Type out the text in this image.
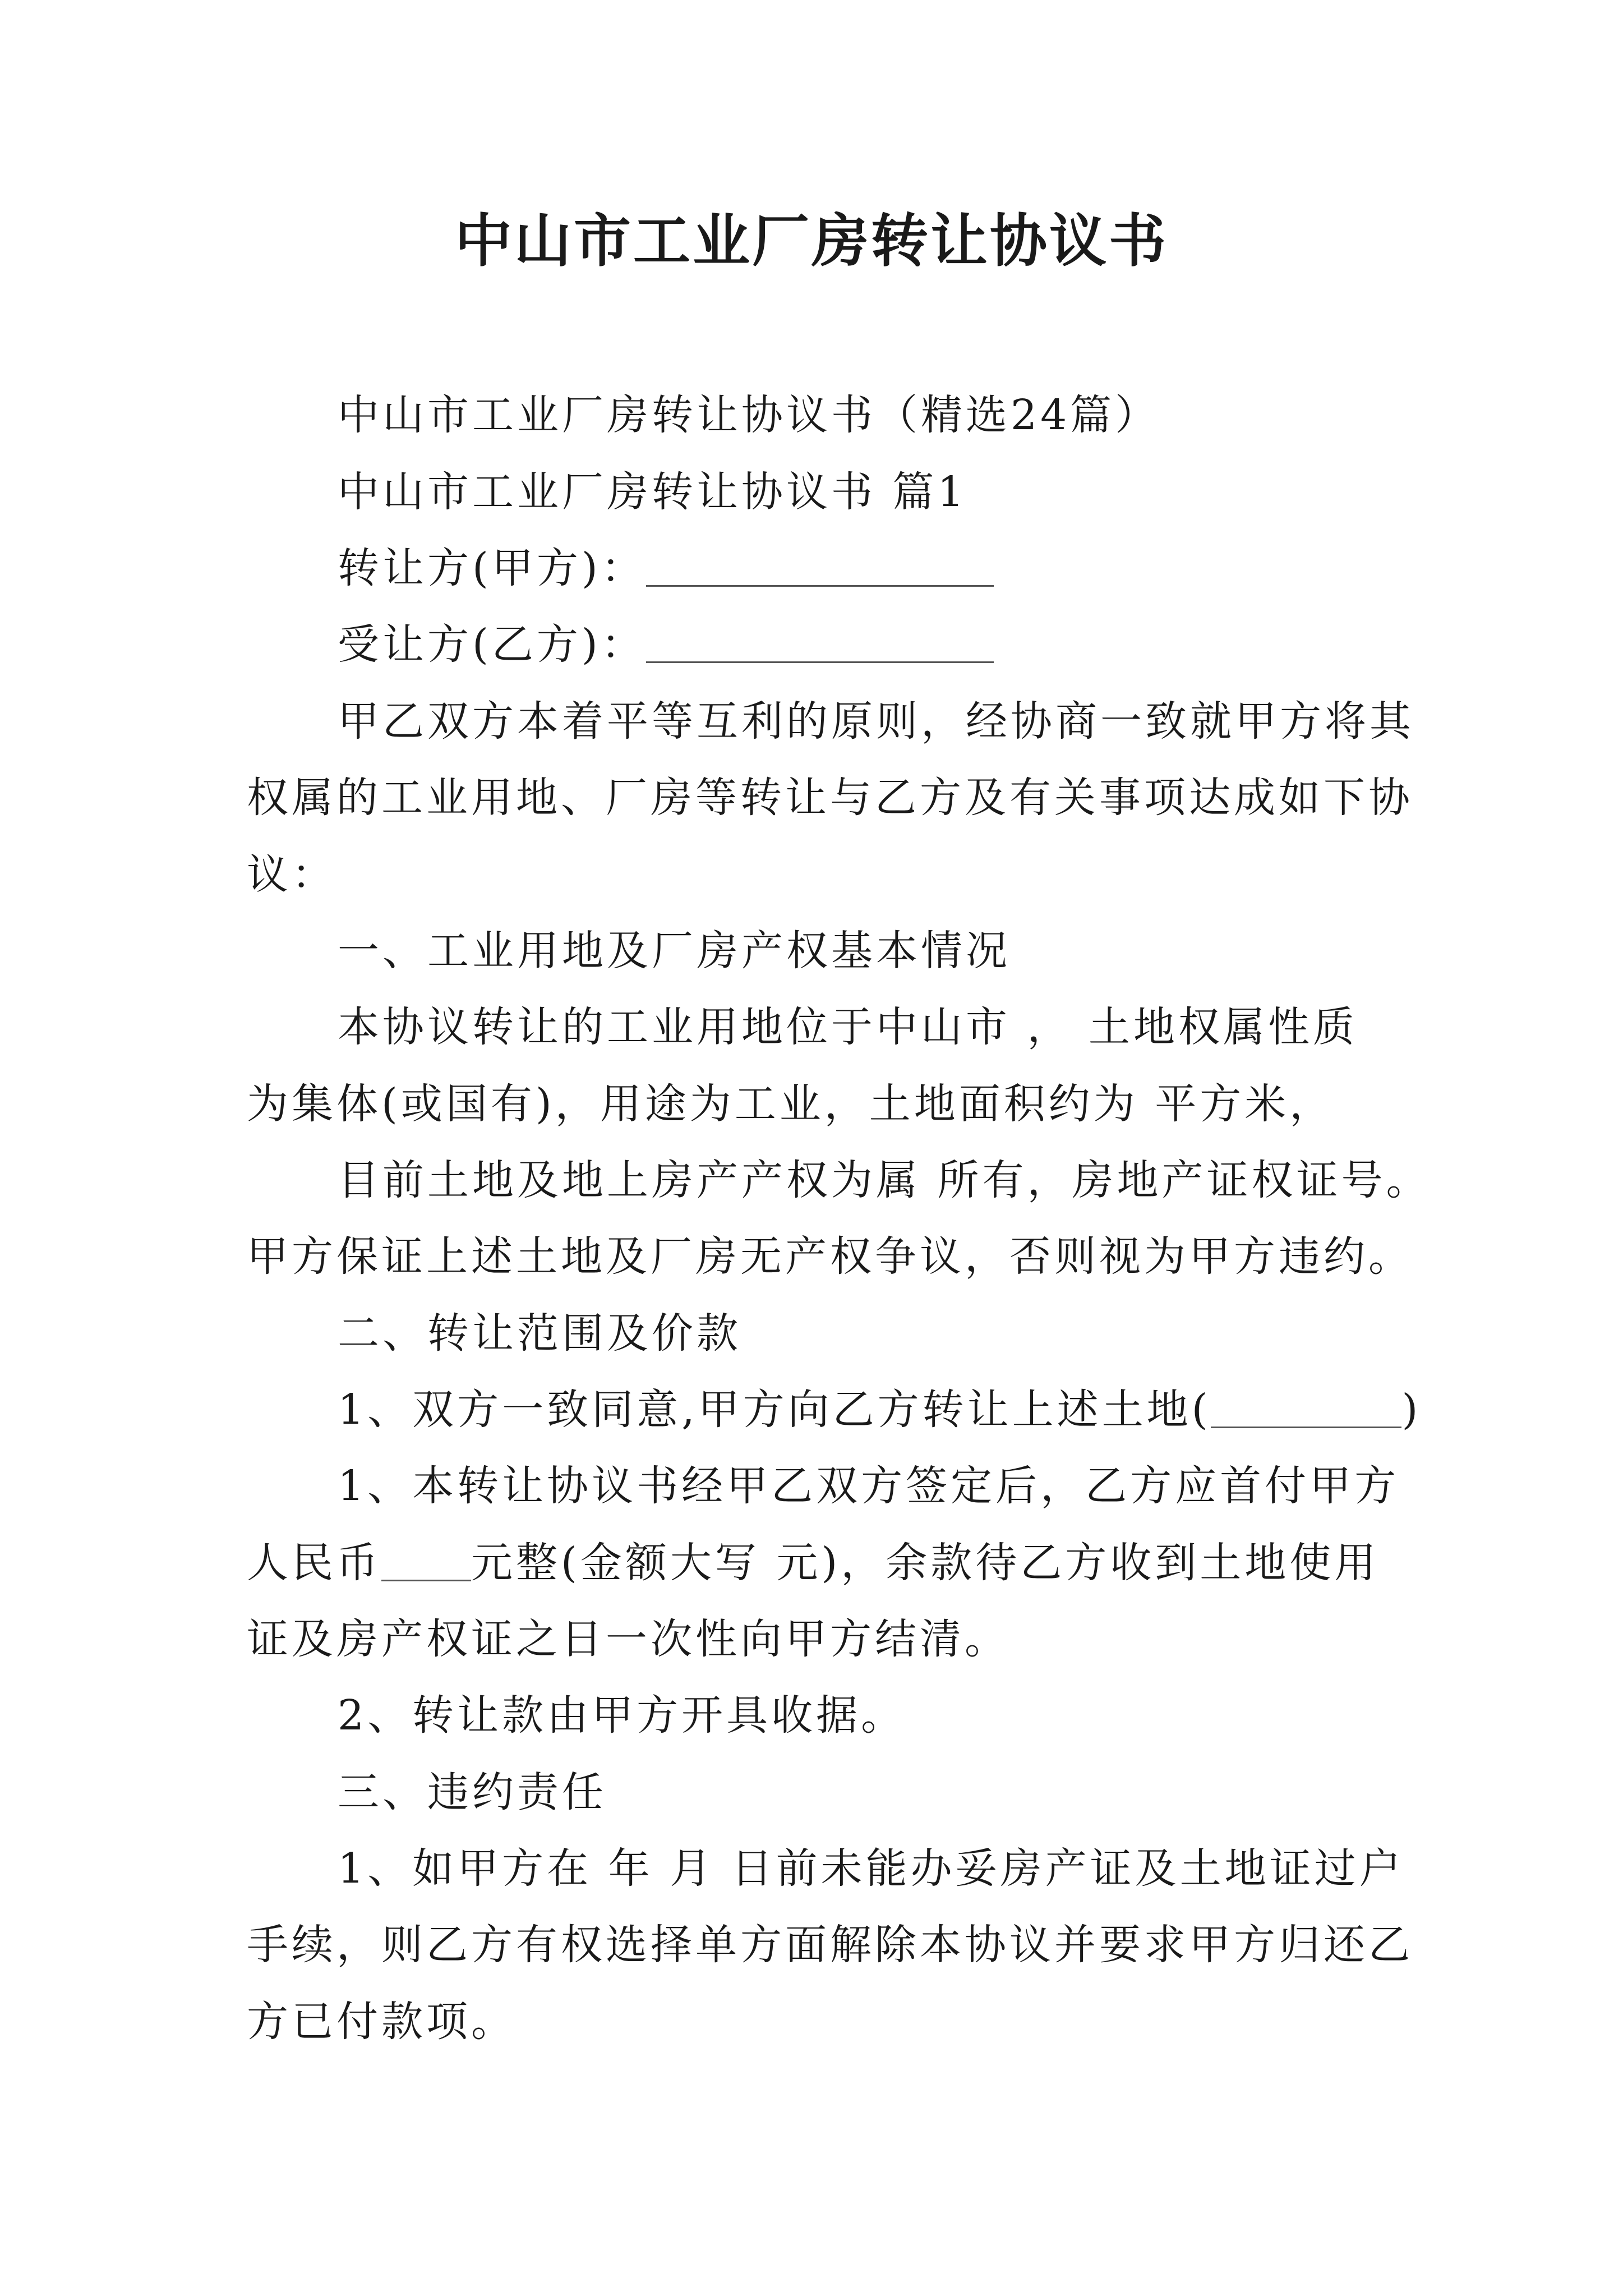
中山市工业厂房转让协议书
中山市工业厂房转让协议书（精选24篇）
中山市工业厂房转让协议书 篇1
转让方(甲方)：
受让方(乙方)：
甲乙双方本着平等互利的原则，经协商一致就甲方将其
权属的工业用地、厂房等转让与乙方及有关事项达成如下协
议：
一、工业用地及厂房产权基本情况
本协议转让的工业用地位于中山市 ， 土地权属性质
为集体(或国有)，用途为工业，土地面积约为 平方米，
目前土地及地上房产产权为属 所有，房地产证权证号。
甲方保证上述土地及厂房无产权争议，否则视为甲方违约。
二、转让范围及价款
1、双方一致同意,甲方向乙方转让上述土地(	)
1、本转让协议书经甲乙双方签定后，乙方应首付甲方
人民币 元整(金额大写 元)，余款待乙方收到土地使用
证及房产权证之日一次性向甲方结清。
2、转让款由甲方开具收据。
三、违约责任
1、如甲方在 年 月 日前未能办妥房产证及土地证过户
手续，则乙方有权选择单方面解除本协议并要求甲方归还乙
方已付款项。
